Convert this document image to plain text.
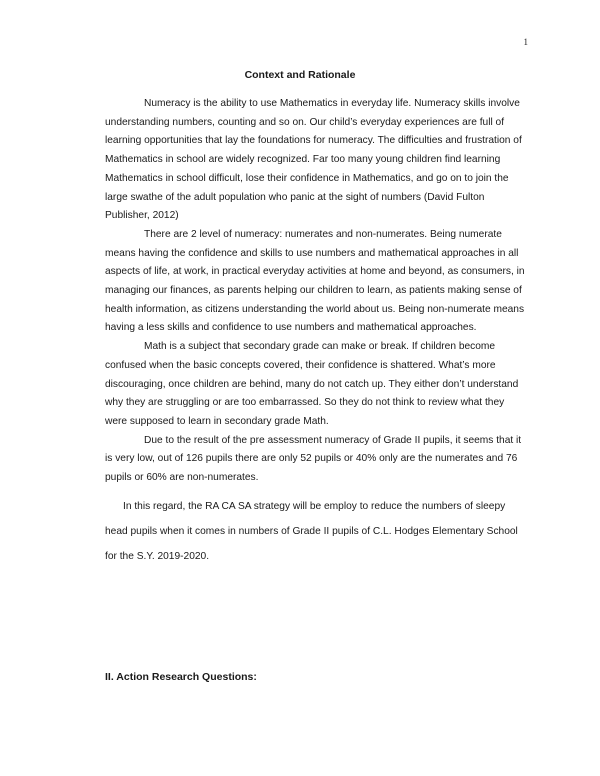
1
Context and Rationale

Numeracy is the ability to use Mathematics in everyday life. Numeracy skills involve understanding numbers, counting and so on. Our child’s everyday experiences are full of learning opportunities that lay the foundations for numeracy. The difficulties and frustration of Mathematics in school are widely recognized. Far too many young children find learning Mathematics in school difficult, lose their confidence in Mathematics, and go on to join the large swathe of the adult population who panic at the sight of numbers (David Fulton Publisher, 2012)

There are 2 level of numeracy: numerates and non-numerates. Being numerate means having the confidence and skills to use numbers and mathematical approaches in all aspects of life, at work, in practical everyday activities at home and beyond, as consumers, in managing our finances, as parents helping our children to learn, as patients making sense of health information, as citizens understanding the world about us. Being non-numerate means having a less skills and confidence to use numbers and mathematical approaches.

Math is a subject that secondary grade can make or break. If children become confused when the basic concepts covered, their confidence is shattered. What’s more discouraging, once children are behind, many do not catch up. They either don’t understand why they are struggling or are too embarrassed. So they do not think to review what they were supposed to learn in secondary grade Math.

Due to the result of the pre assessment numeracy of Grade II pupils, it seems that it is very low, out of 126 pupils there are only 52 pupils or 40% only are the numerates and 76 pupils or 60% are non-numerates.

In this regard, the RA CA SA strategy will be employ to reduce the numbers of sleepy head pupils when it comes in numbers of Grade II pupils of C.L. Hodges Elementary School for the S.Y. 2019-2020.

II. Action Research Questions:
